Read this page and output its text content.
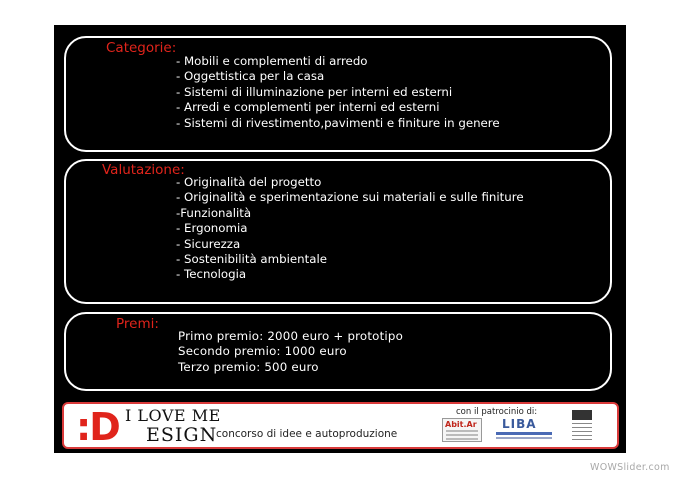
Categorie:
- Mobili e complementi di arredo
- Oggettistica per la casa
- Sistemi di illuminazione per interni ed esterni
- Arredi e complementi per interni ed esterni
- Sistemi di rivestimento,pavimenti e finiture in genere
Valutazione:
- Originalità del progetto
- Originalità e sperimentazione sui materiali e sulle finiture
-Funzionalità
- Ergonomia
- Sicurezza
- Sostenibilità ambientale
- Tecnologia
Premi:
Primo premio: 2000 euro + prototipo
Secondo premio: 1000 euro
Terzo premio: 500 euro
:D I LOVE ME
ESIGN
concorso di idee e autoproduzione
con il patrocinio di:
Abit.Ar LIBA
WOWSlider.com
